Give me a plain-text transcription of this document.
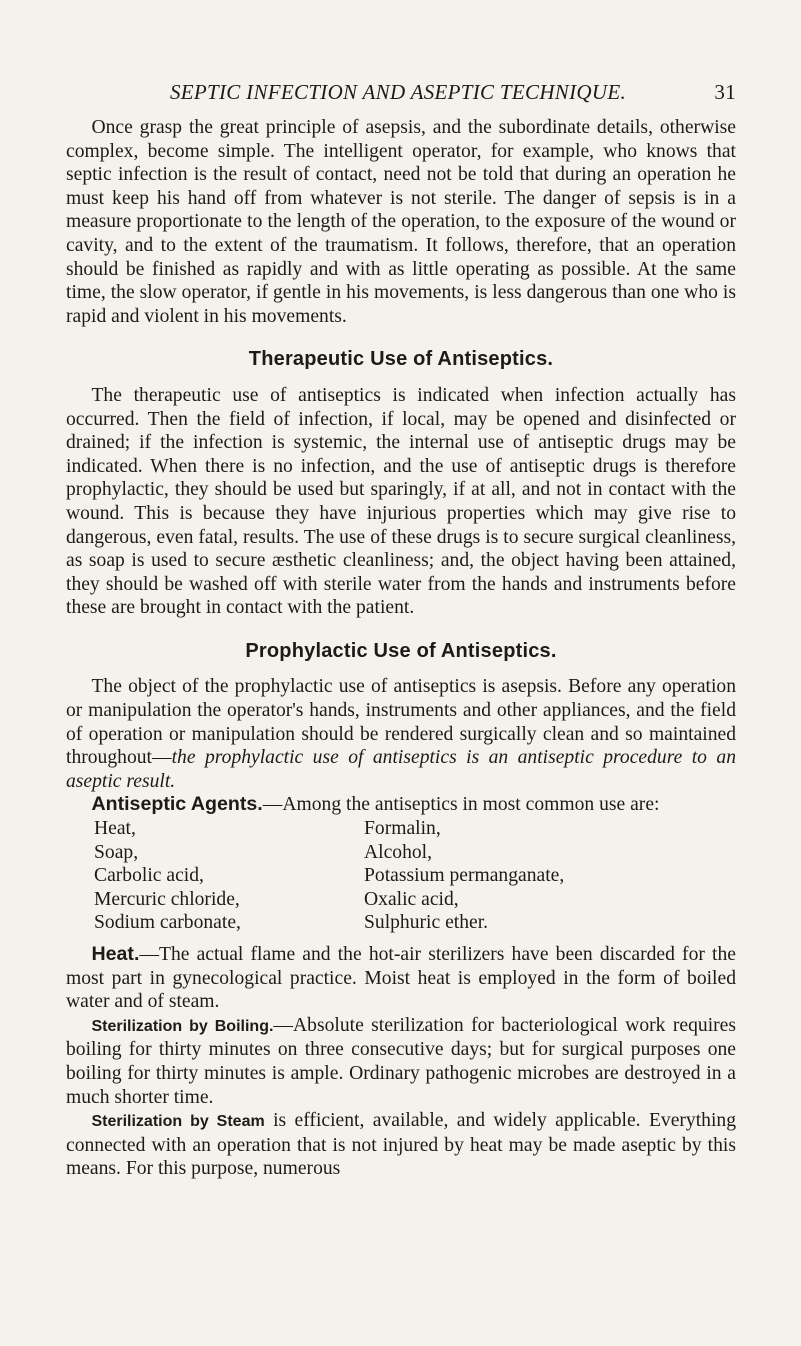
SEPTIC INFECTION AND ASEPTIC TECHNIQUE.	31

Once grasp the great principle of asepsis, and the subordinate details, otherwise complex, become simple. The intelligent operator, for example, who knows that septic infection is the result of contact, need not be told that during an operation he must keep his hand off from whatever is not sterile. The danger of sepsis is in a measure proportionate to the length of the operation, to the exposure of the wound or cavity, and to the extent of the traumatism. It follows, therefore, that an operation should be finished as rapidly and with as little operating as possible. At the same time, the slow operator, if gentle in his movements, is less dangerous than one who is rapid and violent in his movements.

Therapeutic Use of Antiseptics.

The therapeutic use of antiseptics is indicated when infection actually has occurred. Then the field of infection, if local, may be opened and disinfected or drained; if the infection is systemic, the internal use of antiseptic drugs may be indicated. When there is no infection, and the use of antiseptic drugs is therefore prophylactic, they should be used but sparingly, if at all, and not in contact with the wound. This is because they have injurious properties which may give rise to dangerous, even fatal, results. The use of these drugs is to secure surgical cleanliness, as soap is used to secure æsthetic cleanliness; and, the object having been attained, they should be washed off with sterile water from the hands and instruments before these are brought in contact with the patient.

Prophylactic Use of Antiseptics.

The object of the prophylactic use of antiseptics is asepsis. Before any operation or manipulation the operator's hands, instruments and other appliances, and the field of operation or manipulation should be rendered surgically clean and so maintained throughout—the prophylactic use of antiseptics is an antiseptic procedure to an aseptic result.

Antiseptic Agents.—Among the antiseptics in most common use are:

Heat,
Soap,
Carbolic acid,
Mercuric chloride,
Sodium carbonate,
Formalin,
Alcohol,
Potassium permanganate,
Oxalic acid,
Sulphuric ether.

Heat.—The actual flame and the hot-air sterilizers have been discarded for the most part in gynecological practice. Moist heat is employed in the form of boiled water and of steam.

Sterilization by Boiling.—Absolute sterilization for bacteriological work requires boiling for thirty minutes on three consecutive days; but for surgical purposes one boiling for thirty minutes is ample. Ordinary pathogenic microbes are destroyed in a much shorter time.

Sterilization by Steam is efficient, available, and widely applicable. Everything connected with an operation that is not injured by heat may be made aseptic by this means. For this purpose, numerous
